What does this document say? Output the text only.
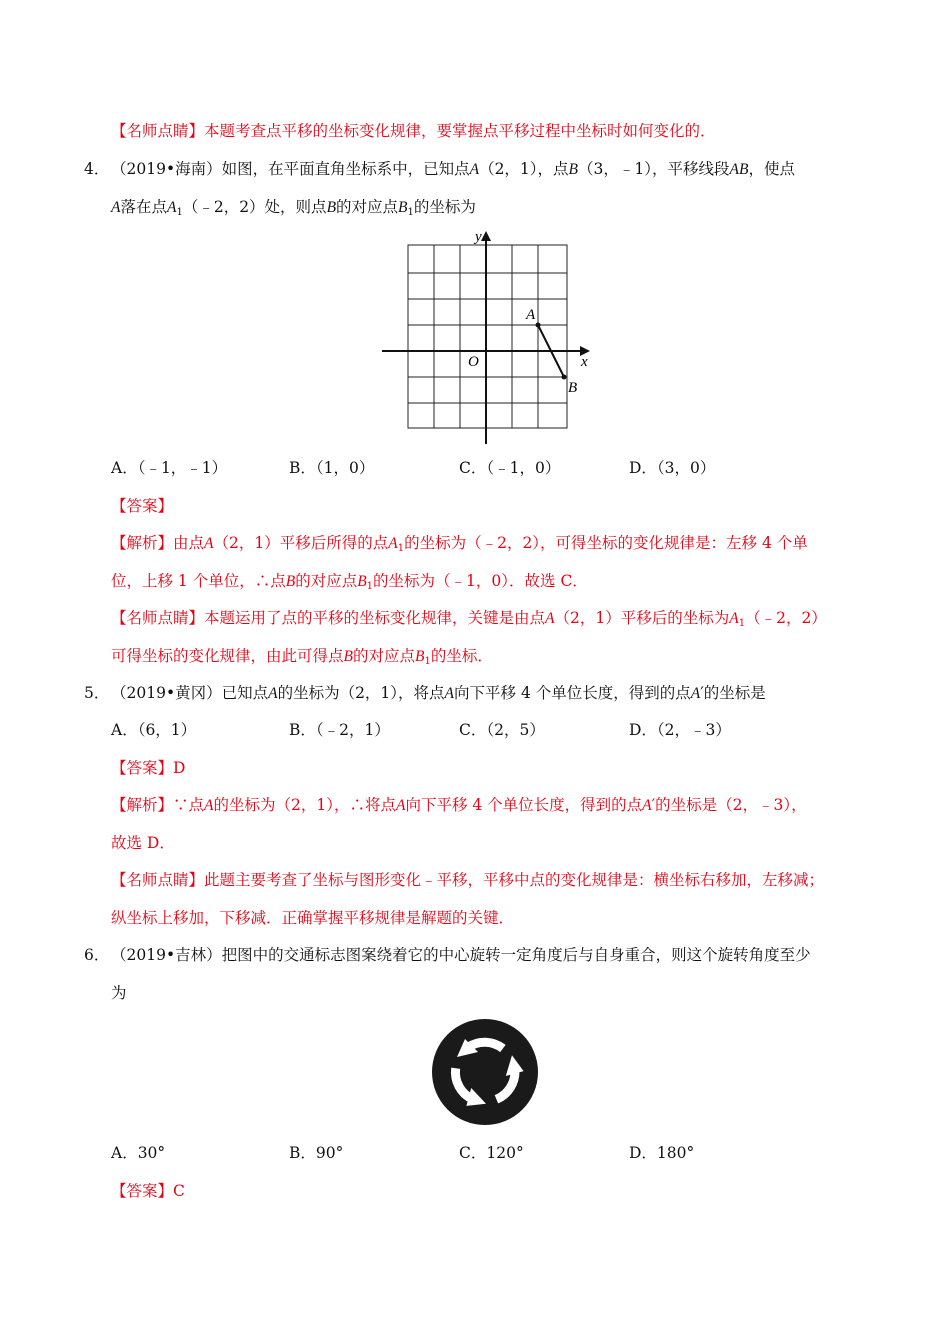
【名师点睛】本题考查点平移的坐标变化规律，要掌握点平移过程中坐标时如何变化的．
4． （2019•海南）如图，在平面直角坐标系中，已知点A（2，1），点B（3，﹣1），平移线段AB，使点
A落在点$A_1(﹣2$，2）处，则点B的对应点$B_1$的坐标为
y
x
O
A
B
A．（﹣1，﹣1）	B．（1，0）	C．（﹣1，0）	D．（3，0）
【答案】
【解析】由点A（2，1）平移后所得的点$A_1$的坐标为（﹣2，2），可得坐标的变化规律是：左移 4 个单
位，上移 1 个单位，∴点B的对应点$B_1$的坐标为（﹣1，0）．故选 C．
【名师点睛】本题运用了点的平移的坐标变化规律，关键是由点A（2，1）平移后的坐标为$A_1(﹣2$，2）
可得坐标的变化规律，由此可得点B的对应点$B_1$的坐标．
5． （2019•黄冈）已知点A的坐标为（2，1），将点A向下平移 4 个单位长度，得到的点A′的坐标是
A．（6，1）	B．（﹣2，1）	C．（2，5）	D．（2，﹣3）
【答案】D
【解析】∵点A的坐标为（2，1），∴将点A向下平移 4 个单位长度，得到的点A′的坐标是（2，﹣3），
故选 D．
【名师点睛】此题主要考查了坐标与图形变化﹣平移，平移中点的变化规律是：横坐标右移加，左移减；
纵坐标上移加，下移减．正确掌握平移规律是解题的关键．
6． （2019•吉林）把图中的交通标志图案绕着它的中心旋转一定角度后与自身重合，则这个旋转角度至少
为
A．30°	B．90°	C．120°	D．180°
【答案】C
